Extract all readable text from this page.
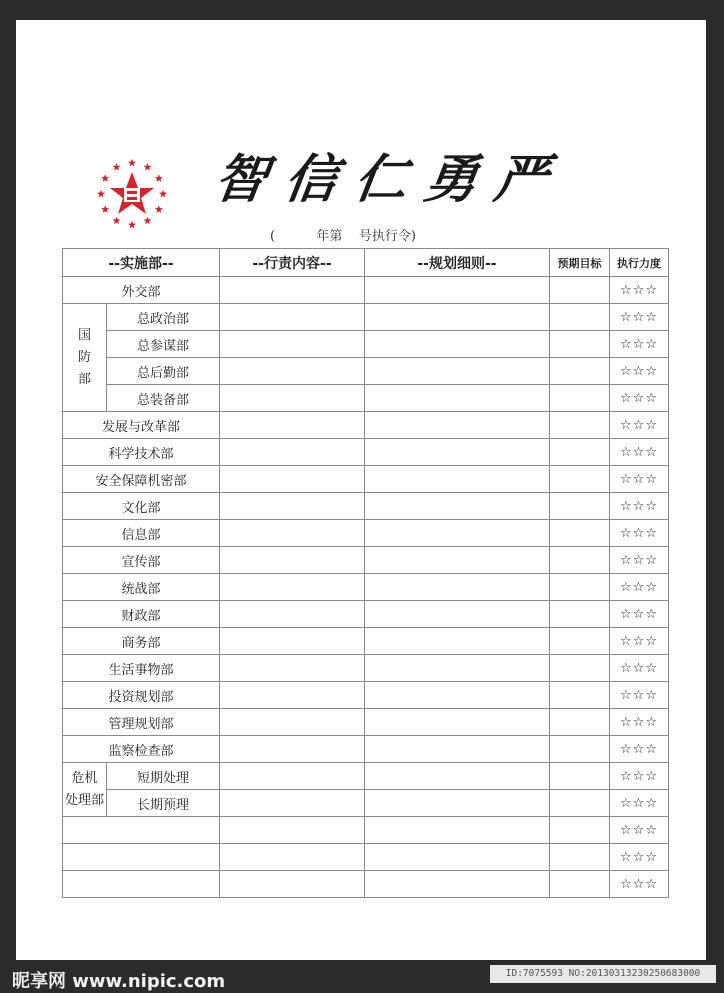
智信仁勇严
(          年第    号执行令)
--实施部--		--行责内容--	--规划细则--	预期目标	执行力度
外交部					☆☆☆
国
防
部	总政治部				☆☆☆
	总参谋部				☆☆☆
	总后勤部				☆☆☆
	总装备部				☆☆☆
发展与改革部					☆☆☆
科学技术部					☆☆☆
安全保障机密部					☆☆☆
文化部					☆☆☆
信息部					☆☆☆
宣传部					☆☆☆
统战部					☆☆☆
财政部					☆☆☆
商务部					☆☆☆
生活事物部					☆☆☆
投资规划部					☆☆☆
管理规划部					☆☆☆
监察检查部					☆☆☆
危机
处理部	短期处理				☆☆☆
	长期预理				☆☆☆
					☆☆☆
					☆☆☆
					☆☆☆
昵享网 www.nipic.com	ID:7075593 NO:20130313230250683000
